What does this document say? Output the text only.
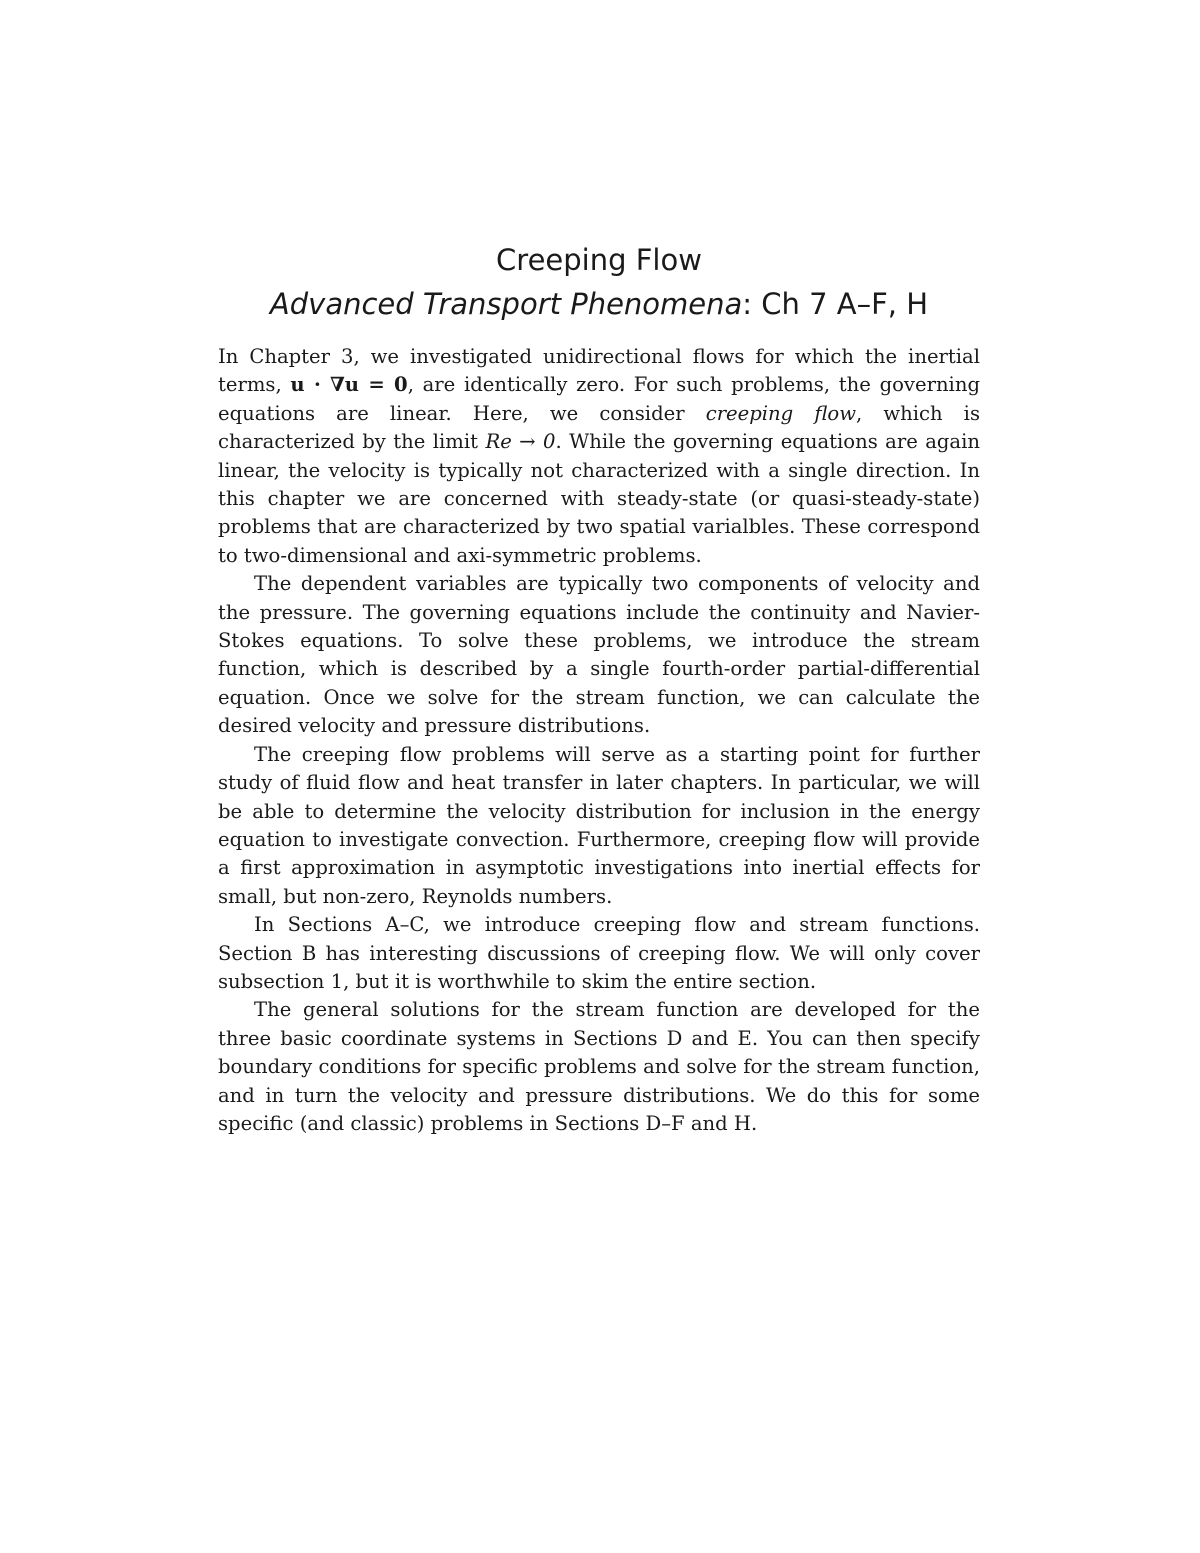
Creeping Flow
Advanced Transport Phenomena: Ch 7 A–F, H

In Chapter 3, we investigated unidirectional flows for which the inertial terms, u · ∇u = 0, are identically zero. For such problems, the governing equations are linear. Here, we consider creeping flow, which is characterized by the limit Re → 0. While the governing equations are again linear, the velocity is typically not characterized with a single direction. In this chapter we are concerned with steady-state (or quasi-steady-state) problems that are characterized by two spatial varialbles. These correspond to two-dimensional and axi-symmetric problems.

The dependent variables are typically two components of velocity and the pressure. The governing equations include the continuity and Navier-Stokes equations. To solve these problems, we introduce the stream function, which is described by a single fourth-order partial-differential equation. Once we solve for the stream function, we can calculate the desired velocity and pressure distributions.

The creeping flow problems will serve as a starting point for further study of fluid flow and heat transfer in later chapters. In particular, we will be able to determine the velocity distribution for inclusion in the energy equation to investigate convection. Furthermore, creeping flow will provide a first approximation in asymptotic investigations into inertial effects for small, but non-zero, Reynolds numbers.

In Sections A–C, we introduce creeping flow and stream functions. Section B has interesting discussions of creeping flow. We will only cover subsection 1, but it is worthwhile to skim the entire section.

The general solutions for the stream function are developed for the three basic coordinate systems in Sections D and E. You can then specify boundary conditions for specific problems and solve for the stream function, and in turn the velocity and pressure distributions. We do this for some specific (and classic) problems in Sections D–F and H.
